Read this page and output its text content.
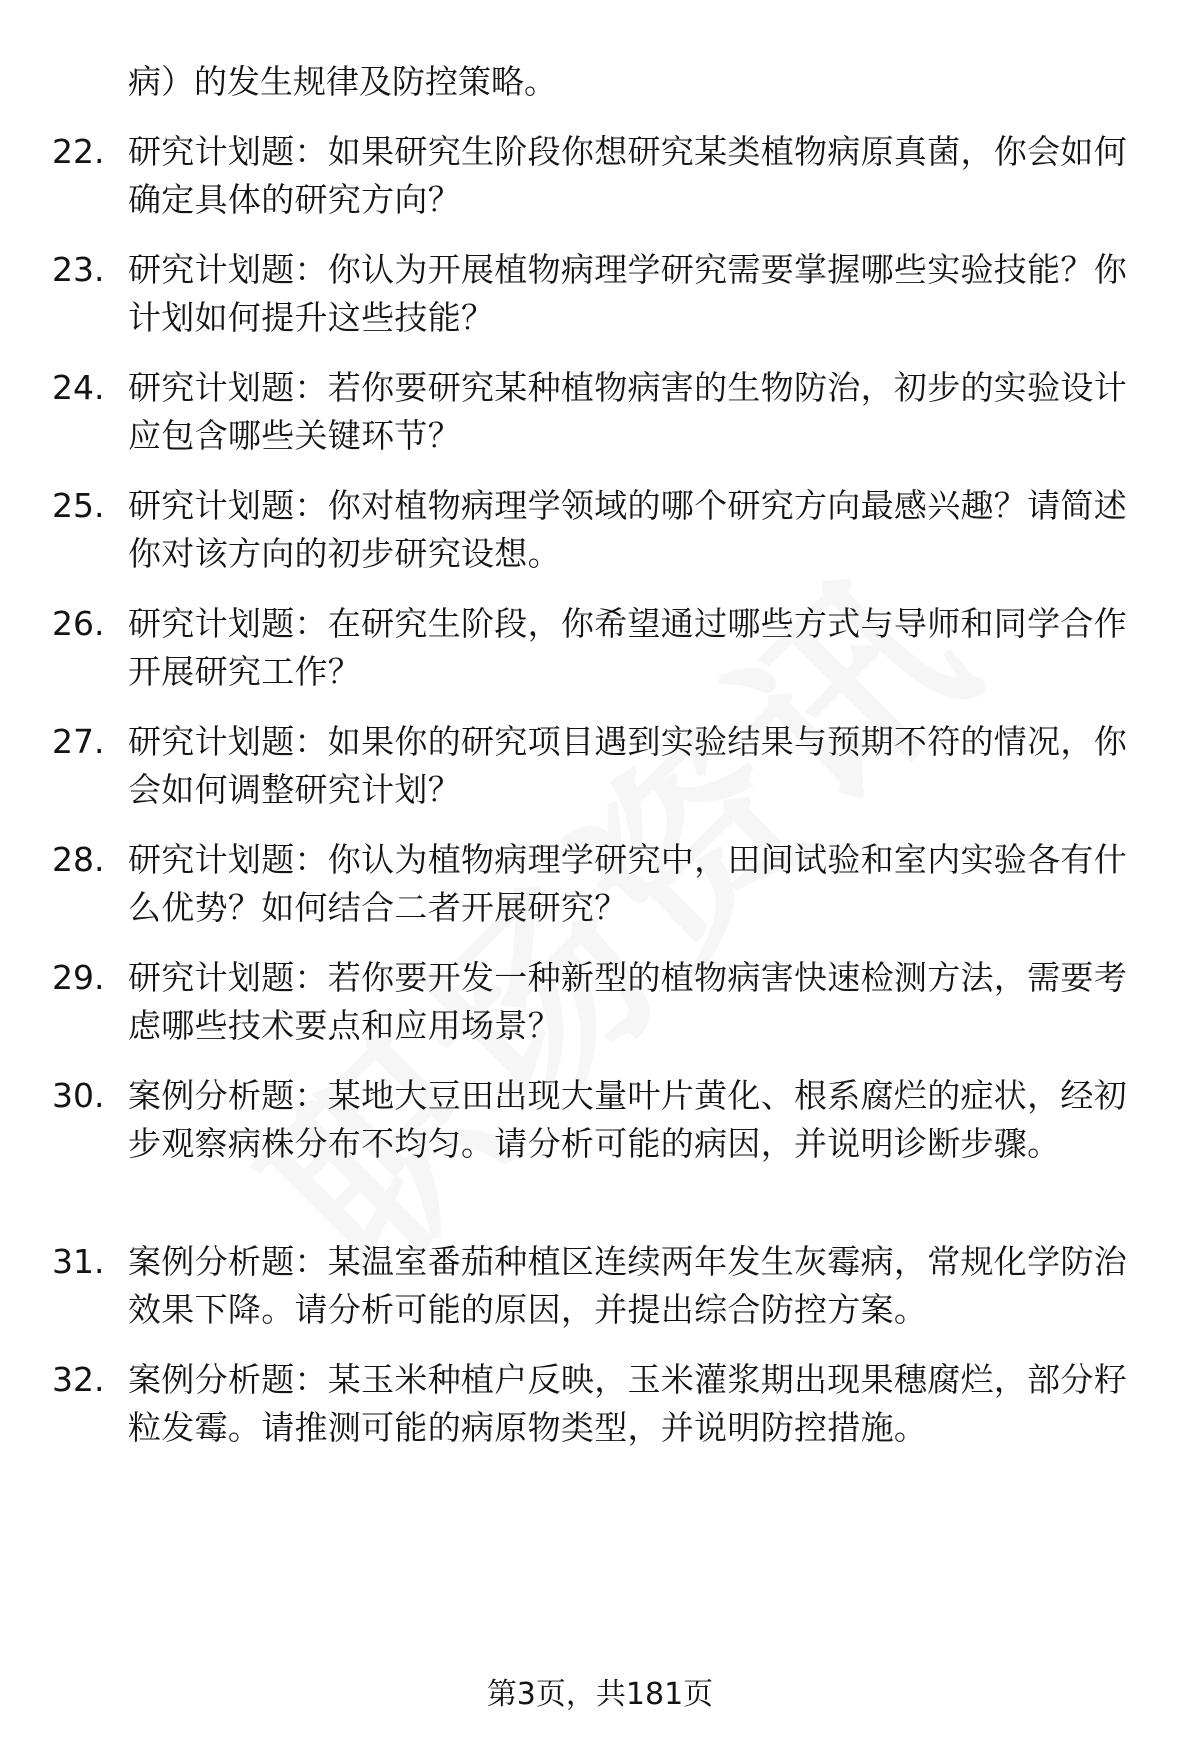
病）的发生规律及防控策略。
22. 研究计划题：如果研究生阶段你想研究某类植物病原真菌，你会如何确定具体的研究方向？
23. 研究计划题：你认为开展植物病理学研究需要掌握哪些实验技能？你计划如何提升这些技能？
24. 研究计划题：若你要研究某种植物病害的生物防治，初步的实验设计应包含哪些关键环节？
25. 研究计划题：你对植物病理学领域的哪个研究方向最感兴趣？请简述你对该方向的初步研究设想。
26. 研究计划题：在研究生阶段，你希望通过哪些方式与导师和同学合作开展研究工作？
27. 研究计划题：如果你的研究项目遇到实验结果与预期不符的情况，你会如何调整研究计划？
28. 研究计划题：你认为植物病理学研究中，田间试验和室内实验各有什么优势？如何结合二者开展研究？
29. 研究计划题：若你要开发一种新型的植物病害快速检测方法，需要考虑哪些技术要点和应用场景？
30. 案例分析题：某地大豆田出现大量叶片黄化、根系腐烂的症状，经初步观察病株分布不均匀。请分析可能的病因，并说明诊断步骤。
31. 案例分析题：某温室番茄种植区连续两年发生灰霉病，常规化学防治效果下降。请分析可能的原因，并提出综合防控方案。
32. 案例分析题：某玉米种植户反映，玉米灌浆期出现果穗腐烂，部分籽粒发霉。请推测可能的病原物类型，并说明防控措施。
第3页，共181页
